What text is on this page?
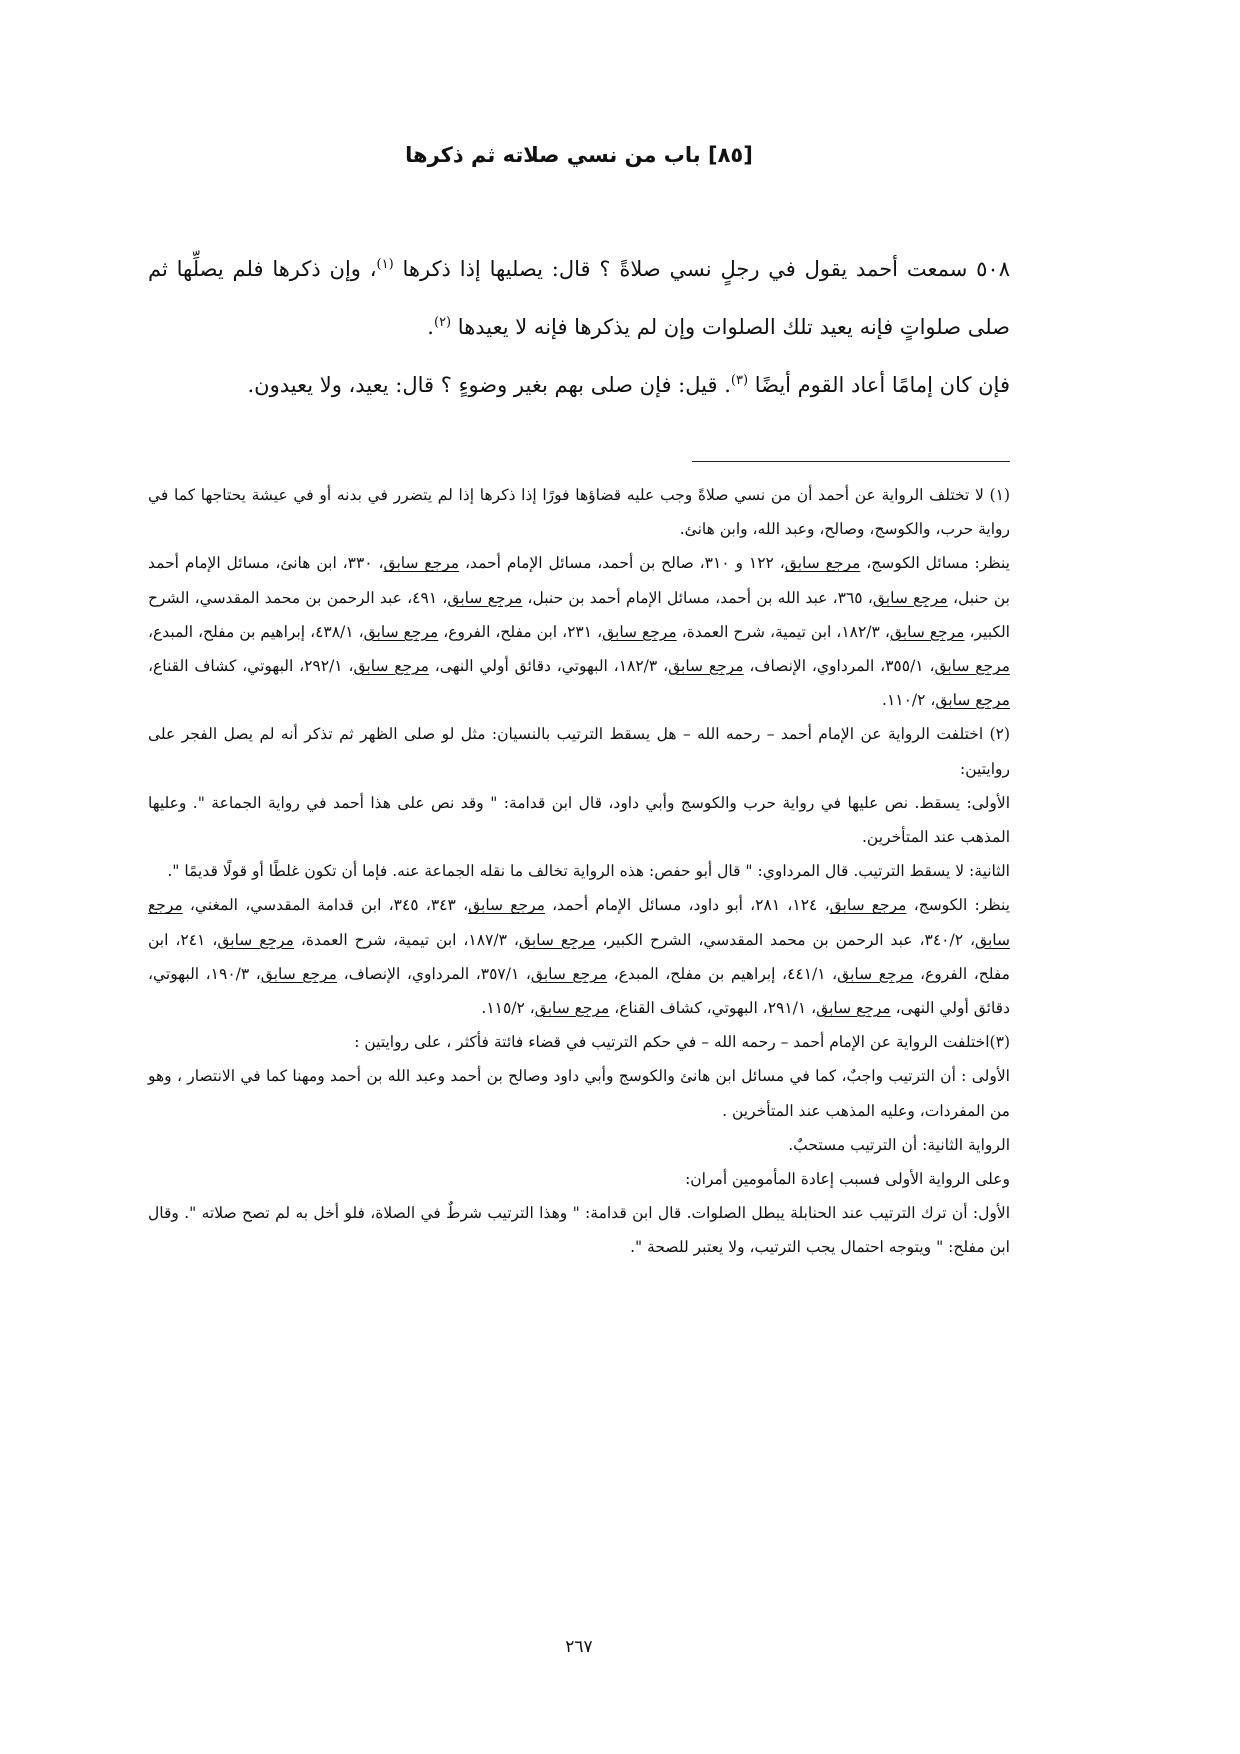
[٨٥] باب من نسي صلاته ثم ذكرها

٥٠٨ سمعت أحمد يقول في رجلٍ نسي صلاةً ؟ قال: يصليها إذا ذكرها $^{(١)}$، وإن ذكرها فلم يصلِّها ثم صلى صلواتٍ فإنه يعيد تلك الصلوات وإن لم يذكرها فإنه لا يعيدها $^{(٢)}$.

فإن كان إمامًا أعاد القوم أيضًا $^{(٣)}$. قيل: فإن صلى بهم بغير وضوءٍ ؟ قال: يعيد، ولا يعيدون.

(١) لا تختلف الرواية عن أحمد أن من نسي صلاةً وجب عليه قضاؤها فورًا إذا ذكرها إذا لم يتضرر في بدنه أو في عيشة يحتاجها كما في رواية حرب، والكوسج، وصالح، وعبد الله، وابن هانئ.

ينظر: مسائل الكوسج، مرجع سابق، ١٢٢ و ٣١٠، صالح بن أحمد، مسائل الإمام أحمد، مرجع سابق، ٣٣٠، ابن هانئ، مسائل الإمام أحمد بن حنبل، مرجع سابق، ٣٦٥، عبد الله بن أحمد، مسائل الإمام أحمد بن حنبل، مرجع سابق، ٤٩١، عبد الرحمن بن محمد المقدسي، الشرح الكبير، مرجع سابق، ١٨٢/٣، ابن تيمية، شرح العمدة، مرجع سابق، ٢٣١، ابن مفلح، الفروع، مرجع سابق، ٤٣٨/١، إبراهيم بن مفلح، المبدع، مرجع سابق، ٣٥٥/١، المرداوي، الإنصاف، مرجع سابق، ١٨٢/٣، البهوتي، دقائق أولي النهى، مرجع سابق، ٢٩٢/١، البهوتي، كشاف القناع، مرجع سابق، ١١٠/٢.

(٢) اختلفت الرواية عن الإمام أحمد – رحمه الله – هل يسقط الترتيب بالنسيان: مثل لو صلى الظهر ثم تذكر أنه لم يصل الفجر على روايتين:

الأولى: يسقط. نص عليها في رواية حرب والكوسج وأبي داود، قال ابن قدامة: " وقد نص على هذا أحمد في رواية الجماعة ". وعليها المذهب عند المتأخرين.

الثانية: لا يسقط الترتيب. قال المرداوي: " قال أبو حفص: هذه الرواية تخالف ما نقله الجماعة عنه. فإما أن تكون غلطًا أو قولًا قديمًا ".

ينظر: الكوسج، مرجع سابق، ١٢٤، ٢٨١، أبو داود، مسائل الإمام أحمد، مرجع سابق، ٣٤٣، ٣٤٥، ابن قدامة المقدسي، المغني، مرجع سابق، ٣٤٠/٢، عبد الرحمن بن محمد المقدسي، الشرح الكبير، مرجع سابق، ١٨٧/٣، ابن تيمية، شرح العمدة، مرجع سابق، ٢٤١، ابن مفلح، الفروع، مرجع سابق، ٤٤١/١، إبراهيم بن مفلح، المبدع، مرجع سابق، ٣٥٧/١، المرداوي، الإنصاف، مرجع سابق، ١٩٠/٣، البهوتي، دقائق أولي النهى، مرجع سابق، ٢٩١/١، البهوتي، كشاف القناع، مرجع سابق، ١١٥/٢.

(٣)اختلفت الرواية عن الإمام أحمد – رحمه الله – في حكم الترتيب في قضاء فائتة فأكثر ، على روايتين :

الأولى : أن الترتيب واجبٌ، كما في مسائل ابن هانئ والكوسج وأبي داود وصالح بن أحمد وعبد الله بن أحمد ومهنا كما في الانتصار ، وهو من المفردات، وعليه المذهب عند المتأخرين .

الرواية الثانية: أن الترتيب مستحبٌ.

وعلى الرواية الأولى فسبب إعادة المأمومين أمران:

الأول: أن ترك الترتيب عند الحنابلة يبطل الصلوات. قال ابن قدامة: " وهذا الترتيب شرطٌ في الصلاة، فلو أخل به لم تصح صلاته ". وقال ابن مفلح: " ويتوجه احتمال يجب الترتيب، ولا يعتبر للصحة ".

٢٦٧
